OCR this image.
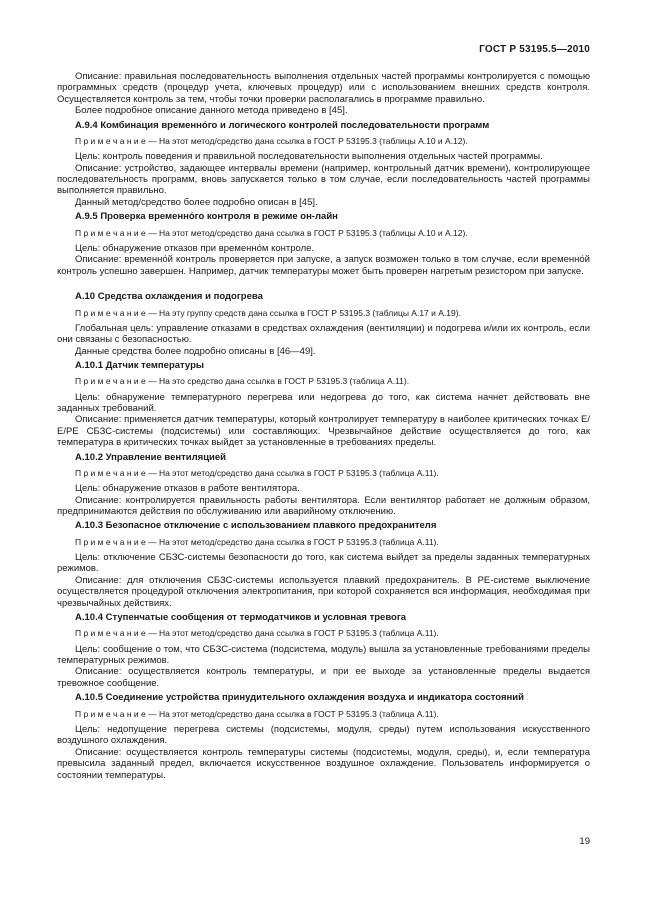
ГОСТ Р 53195.5—2010

Описание: правильная последовательность выполнения отдельных частей программы контролируется с помощью программных средств (процедур учета, ключевых процедур) или с использованием внешних средств контроля. Осуществляется контроль за тем, чтобы точки проверки располагались в программе правильно.

Более подробное описание данного метода приведено в [45].

А.9.4 Комбинация временно́го и логического контролей последовательности программ

П р и м е ч а н и е — На этот метод/средство дана ссылка в ГОСТ Р 53195.3 (таблицы А.10 и А.12).

Цель: контроль поведения и правильной последовательности выполнения отдельных частей программы.

Описание: устройство, задающее интервалы времени (например, контрольный датчик времени), контролирующее последовательность программ, вновь запускается только в том случае, если последовательность частей программы выполняется правильно.

Данный метод/средство более подробно описан в [45].

А.9.5 Проверка временно́го контроля в режиме он-лайн

П р и м е ч а н и е — На этот метод/средство дана ссылка в ГОСТ Р 53195.3 (таблицы А.10 и А.12).

Цель: обнаружение отказов при временно́м контроле.

Описание: временно́й контроль проверяется при запуске, а запуск возможен только в том случае, если временно́й контроль успешно завершен. Например, датчик температуры может быть проверен нагретым резистором при запуске.

А.10 Средства охлаждения и подогрева

П р и м е ч а н и е — На эту группу средств дана ссылка в ГОСТ Р 53195.3 (таблицы А.17 и А.19).

Глобальная цель: управление отказами в средствах охлаждения (вентиляции) и подогрева и/или их контроль, если они связаны с безопасностью.

Данные средства более подробно описаны в [46—49].

А.10.1 Датчик температуры

П р и м е ч а н и е — На это средство дана ссылка в ГОСТ Р 53195.3 (таблица А.11).

Цель: обнаружение температурного перегрева или недогрева до того, как система начнет действовать вне заданных требований.

Описание: применяется датчик температуры, который контролирует температуру в наиболее критических точках Е/Е/РЕ СБЗС-системы (подсистемы) или составляющих. Чрезвычайное действие осуществляется до того, как температура в критических точках выйдет за установленные в требованиях пределы.

А.10.2 Управление вентиляцией

П р и м е ч а н и е — На этот метод/средство дана ссылка в ГОСТ Р 53195.3 (таблица А.11).

Цель: обнаружение отказов в работе вентилятора.

Описание: контролируется правильность работы вентилятора. Если вентилятор работает не должным образом, предпринимаются действия по обслуживанию или аварийному отключению.

А.10.3 Безопасное отключение с использованием плавкого предохранителя

П р и м е ч а н и е — На этот метод/средство дана ссылка в ГОСТ Р 53195.3 (таблица А.11).

Цель: отключение СБЗС-системы безопасности до того, как система выйдет за пределы заданных температурных режимов.

Описание: для отключения СБЗС-системы используется плавкий предохранитель. В РЕ-системе выключение осуществляется процедурой отключения электропитания, при которой сохраняется вся информация, необходимая при чрезвычайных действиях.

А.10.4 Ступенчатые сообщения от термодатчиков и условная тревога

П р и м е ч а н и е — На этот метод/средство дана ссылка в ГОСТ Р 53195.3 (таблица А.11).

Цель: сообщение о том, что СБЗС-система (подсистема, модуль) вышла за установленные требованиями пределы температурных режимов.

Описание: осуществляется контроль температуры, и при ее выходе за установленные пределы выдается тревожное сообщение.

А.10.5 Соединение устройства принудительного охлаждения воздуха и индикатора состояний

П р и м е ч а н и е — На этот метод/средство дана ссылка в ГОСТ Р 53195.3 (таблица А.11).

Цель: недопущение перегрева системы (подсистемы, модуля, среды) путем использования искусственного воздушного охлаждения.

Описание: осуществляется контроль температуры системы (подсистемы, модуля, среды), и, если температура превысила заданный предел, включается искусственное воздушное охлаждение. Пользователь информируется о состоянии температуры.

19
